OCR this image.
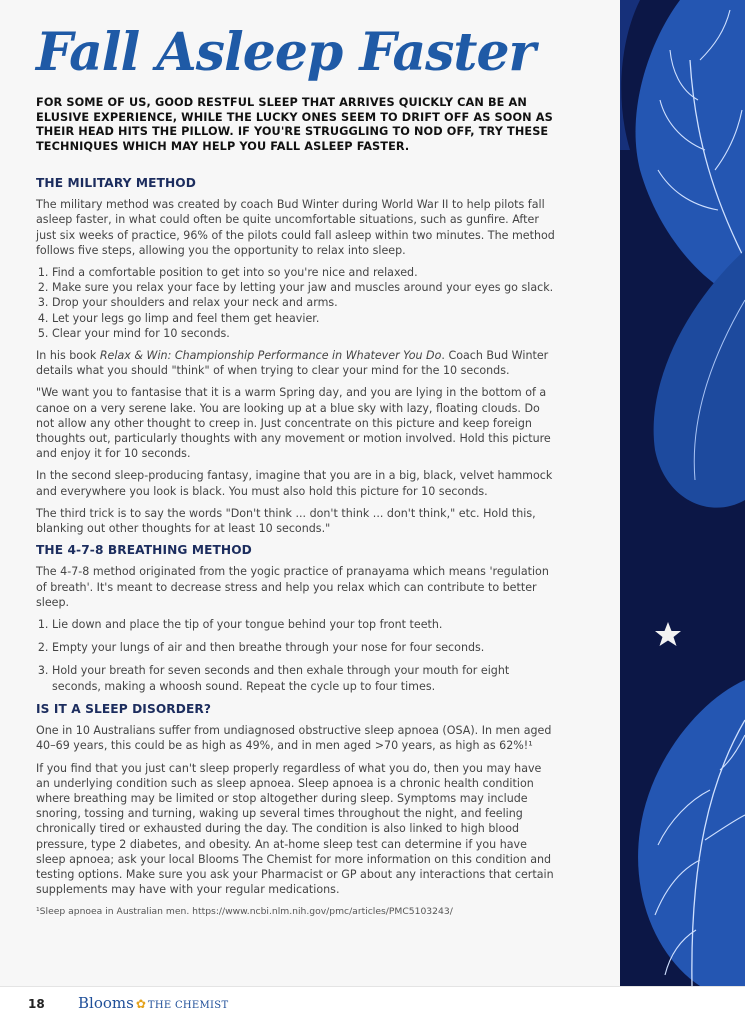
Fall Asleep Faster

FOR SOME OF US, GOOD RESTFUL SLEEP THAT ARRIVES QUICKLY CAN BE AN ELUSIVE EXPERIENCE, WHILE THE LUCKY ONES SEEM TO DRIFT OFF AS SOON AS THEIR HEAD HITS THE PILLOW. IF YOU'RE STRUGGLING TO NOD OFF, TRY THESE TECHNIQUES WHICH MAY HELP YOU FALL ASLEEP FASTER.

THE MILITARY METHOD

The military method was created by coach Bud Winter during World War II to help pilots fall asleep faster, in what could often be quite uncomfortable situations, such as gunfire. After just six weeks of practice, 96% of the pilots could fall asleep within two minutes. The method follows five steps, allowing you the opportunity to relax into sleep.

1. Find a comfortable position to get into so you're nice and relaxed.
2. Make sure you relax your face by letting your jaw and muscles around your eyes go slack.
3. Drop your shoulders and relax your neck and arms.
4. Let your legs go limp and feel them get heavier.
5. Clear your mind for 10 seconds.

In his book Relax & Win: Championship Performance in Whatever You Do. Coach Bud Winter details what you should "think" of when trying to clear your mind for the 10 seconds.

"We want you to fantasise that it is a warm Spring day, and you are lying in the bottom of a canoe on a very serene lake. You are looking up at a blue sky with lazy, floating clouds. Do not allow any other thought to creep in. Just concentrate on this picture and keep foreign thoughts out, particularly thoughts with any movement or motion involved. Hold this picture and enjoy it for 10 seconds.

In the second sleep-producing fantasy, imagine that you are in a big, black, velvet hammock and everywhere you look is black. You must also hold this picture for 10 seconds.

The third trick is to say the words "Don't think ... don't think ... don't think," etc. Hold this, blanking out other thoughts for at least 10 seconds."

THE 4-7-8 BREATHING METHOD

The 4-7-8 method originated from the yogic practice of pranayama which means 'regulation of breath'. It's meant to decrease stress and help you relax which can contribute to better sleep.

1. Lie down and place the tip of your tongue behind your top front teeth.
2. Empty your lungs of air and then breathe through your nose for four seconds.
3. Hold your breath for seven seconds and then exhale through your mouth for eight seconds, making a whoosh sound. Repeat the cycle up to four times.
IS IT A SLEEP DISORDER?

One in 10 Australians suffer from undiagnosed obstructive sleep apnoea (OSA). In men aged 40–69 years, this could be as high as 49%, and in men aged >70 years, as high as 62%!¹

If you find that you just can't sleep properly regardless of what you do, then you may have an underlying condition such as sleep apnoea. Sleep apnoea is a chronic health condition where breathing may be limited or stop altogether during sleep. Symptoms may include snoring, tossing and turning, waking up several times throughout the night, and feeling chronically tired or exhausted during the day. The condition is also linked to high blood pressure, type 2 diabetes, and obesity. An at-home sleep test can determine if you have sleep apnoea; ask your local Blooms The Chemist for more information on this condition and testing options. Make sure you ask your Pharmacist or GP about any interactions that certain supplements may have with your regular medications.

¹Sleep apnoea in Australian men. https://www.ncbi.nlm.nih.gov/pmc/articles/PMC5103243/
18 Blooms ✿ THE CHEMIST
